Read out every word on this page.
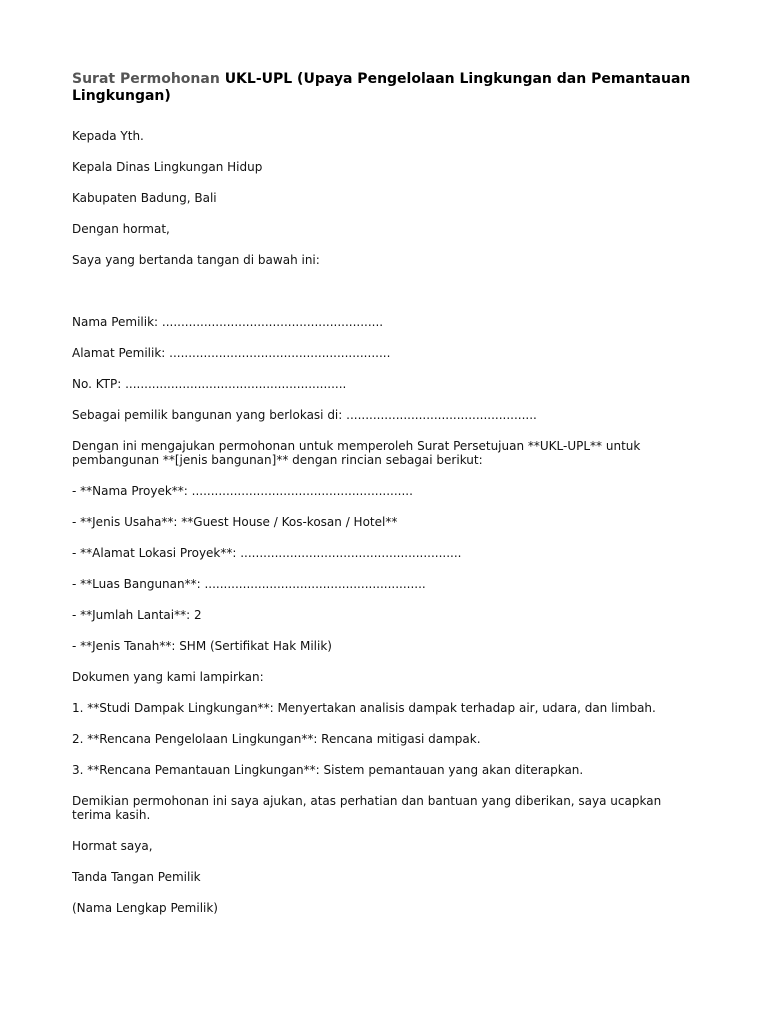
Surat Permohonan UKL-UPL (Upaya Pengelolaan Lingkungan dan Pemantauan Lingkungan)

Kepada Yth.

Kepala Dinas Lingkungan Hidup

Kabupaten Badung, Bali

Dengan hormat,

Saya yang bertanda tangan di bawah ini:

Nama Pemilik: ..........................................................

Alamat Pemilik: ..........................................................

No. KTP: ..........................................................

Sebagai pemilik bangunan yang berlokasi di: ..................................................

Dengan ini mengajukan permohonan untuk memperoleh Surat Persetujuan **UKL-UPL** untuk pembangunan **[jenis bangunan]** dengan rincian sebagai berikut:

- **Nama Proyek**: ..........................................................

- **Jenis Usaha**: **Guest House / Kos-kosan / Hotel**

- **Alamat Lokasi Proyek**: ..........................................................

- **Luas Bangunan**: ..........................................................

- **Jumlah Lantai**: 2

- **Jenis Tanah**: SHM (Sertifikat Hak Milik)

Dokumen yang kami lampirkan:

1. **Studi Dampak Lingkungan**: Menyertakan analisis dampak terhadap air, udara, dan limbah.

2. **Rencana Pengelolaan Lingkungan**: Rencana mitigasi dampak.

3. **Rencana Pemantauan Lingkungan**: Sistem pemantauan yang akan diterapkan.

Demikian permohonan ini saya ajukan, atas perhatian dan bantuan yang diberikan, saya ucapkan terima kasih.

Hormat saya,

Tanda Tangan Pemilik

(Nama Lengkap Pemilik)
